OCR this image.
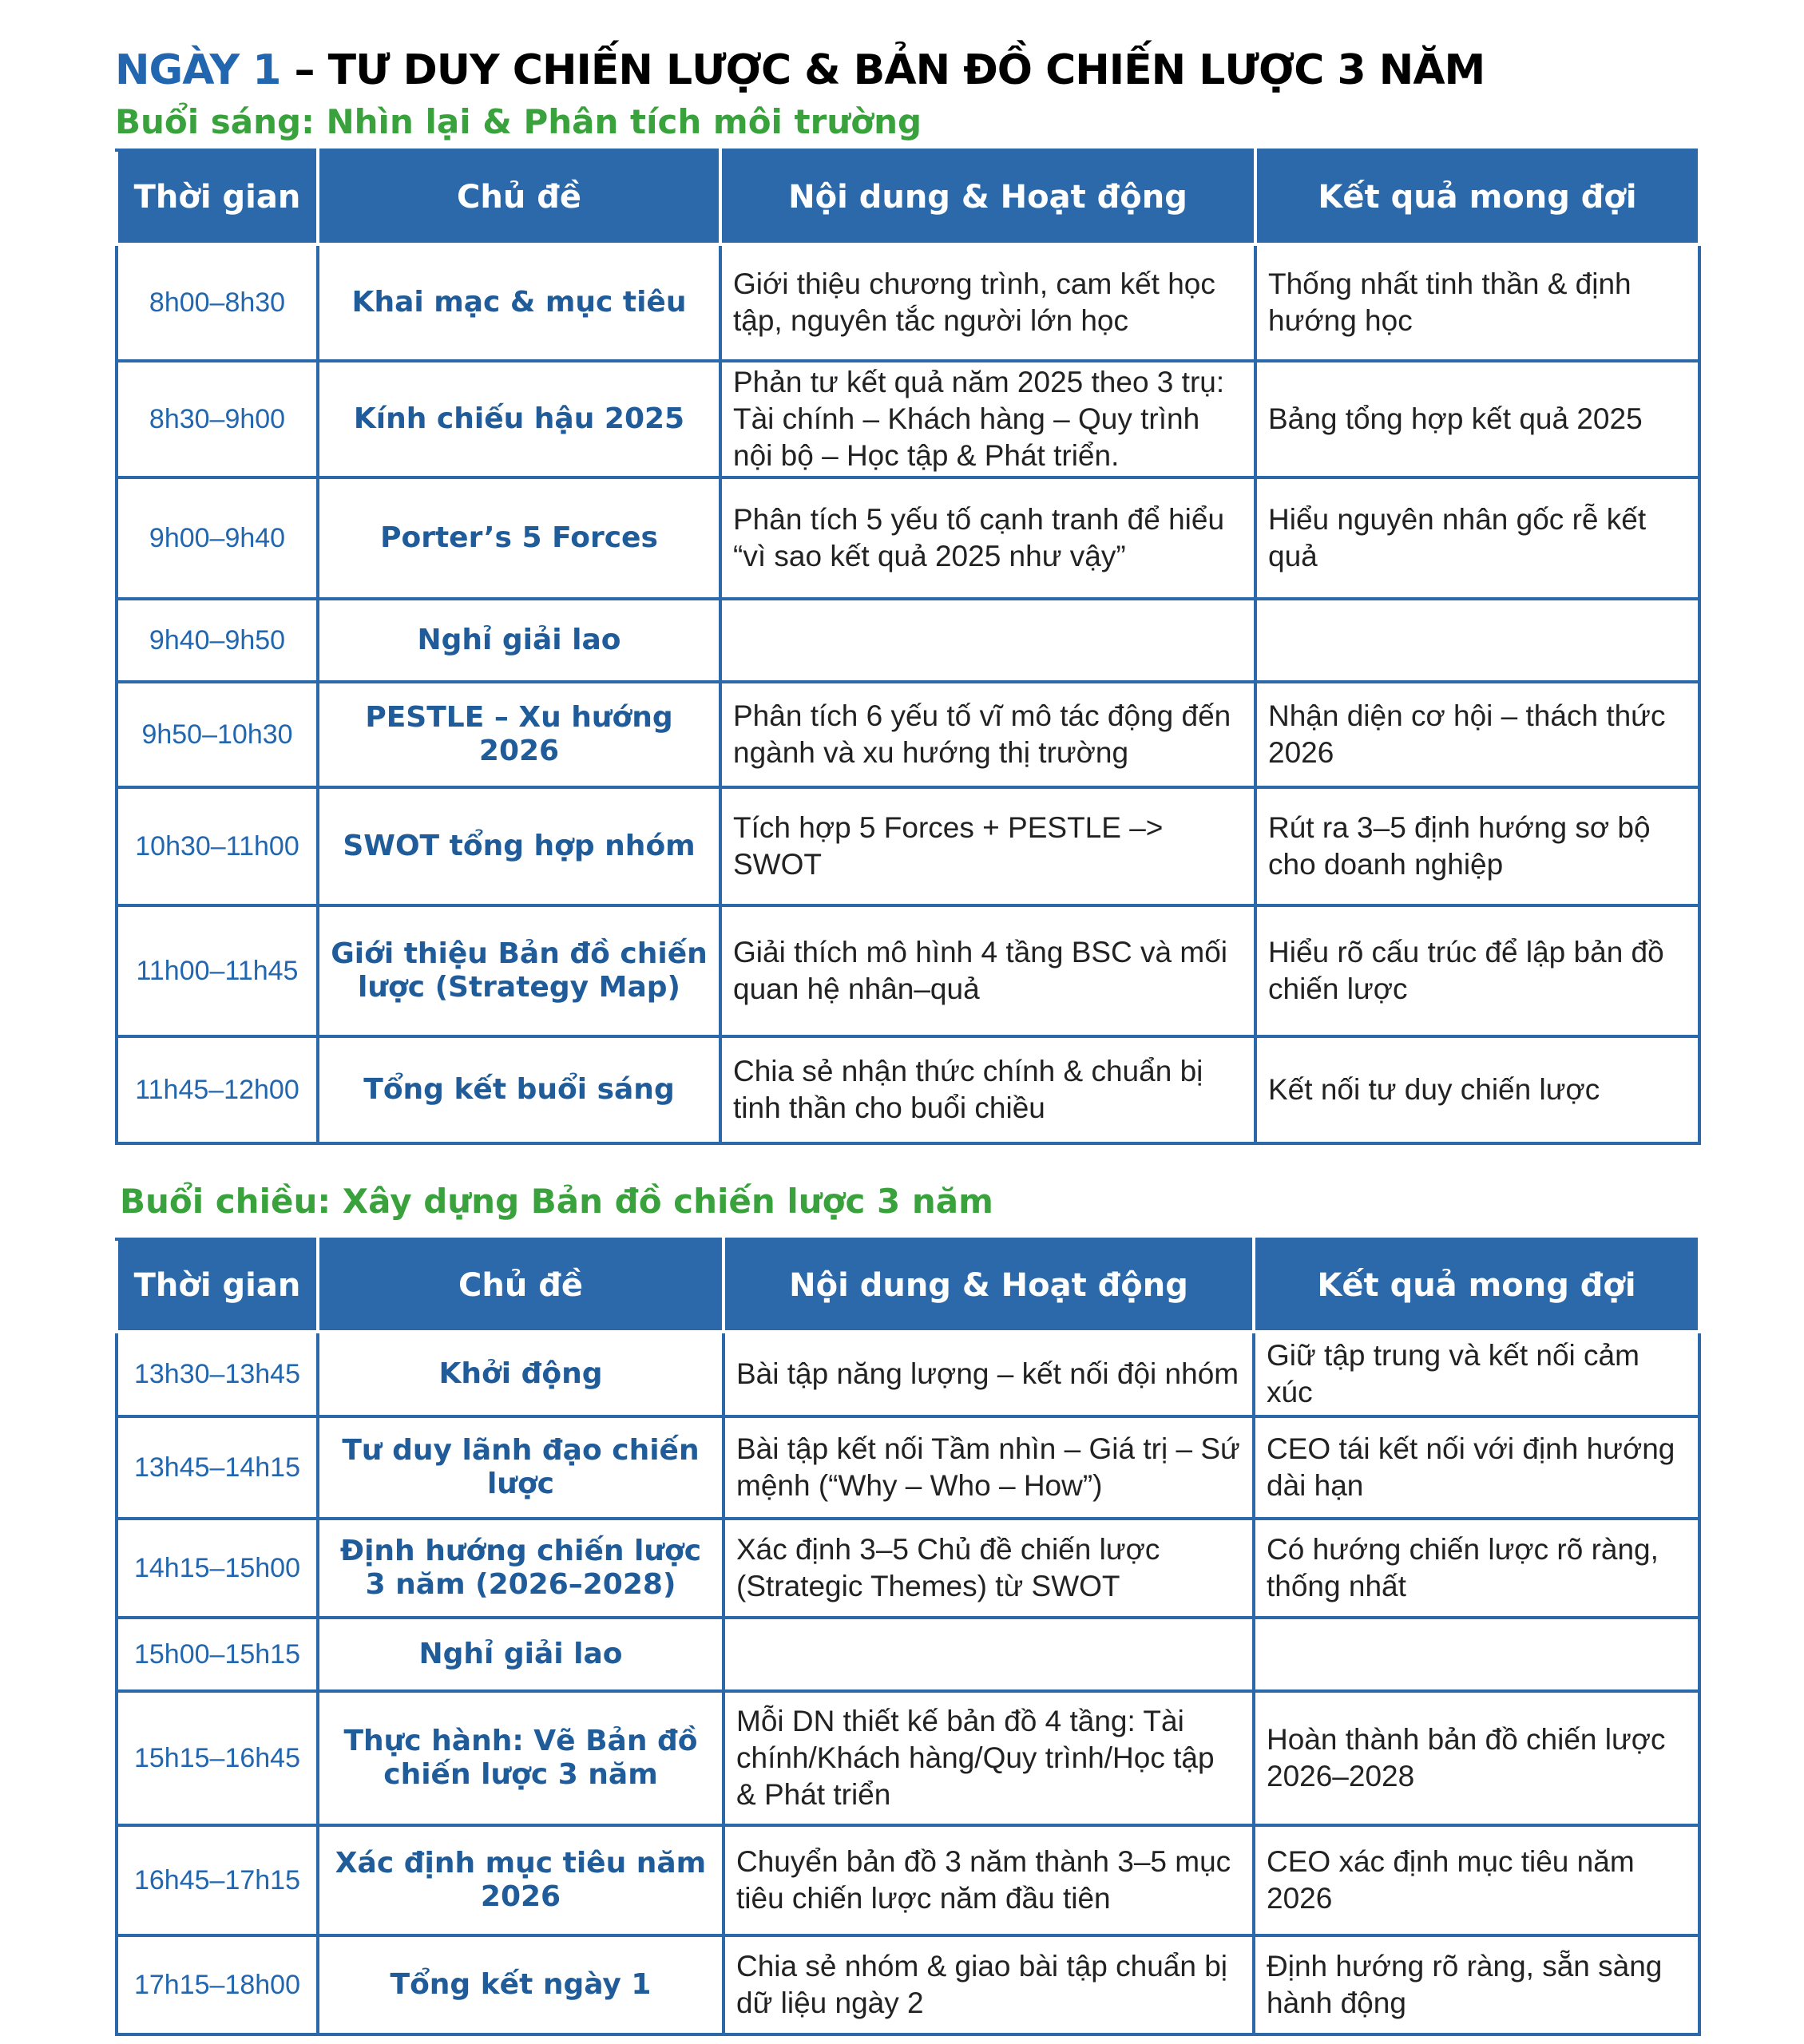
NGÀY 1 – TƯ DUY CHIẾN LƯỢC & BẢN ĐỒ CHIẾN LƯỢC 3 NĂM
Buổi sáng: Nhìn lại & Phân tích môi trường
Thời gian	Chủ đề	Nội dung & Hoạt động	Kết quả mong đợi
8h00–8h30	Khai mạc & mục tiêu	Giới thiệu chương trình, cam kết học tập, nguyên tắc người lớn học	Thống nhất tinh thần & định hướng học
8h30–9h00	Kính chiếu hậu 2025	Phản tư kết quả năm 2025 theo 3 trụ: Tài chính – Khách hàng – Quy trình nội bộ – Học tập & Phát triển.	Bảng tổng hợp kết quả 2025
9h00–9h40	Porter’s 5 Forces	Phân tích 5 yếu tố cạnh tranh để hiểu “vì sao kết quả 2025 như vậy”	Hiểu nguyên nhân gốc rễ kết quả
9h40–9h50	Nghỉ giải lao		
9h50–10h30	PESTLE – Xu hướng 2026	Phân tích 6 yếu tố vĩ mô tác động đến ngành và xu hướng thị trường	Nhận diện cơ hội – thách thức 2026
10h30–11h00	SWOT tổng hợp nhóm	Tích hợp 5 Forces + PESTLE –> SWOT	Rút ra 3–5 định hướng sơ bộ cho doanh nghiệp
11h00–11h45	Giới thiệu Bản đồ chiến lược (Strategy Map)	Giải thích mô hình 4 tầng BSC và mối quan hệ nhân–quả	Hiểu rõ cấu trúc để lập bản đồ chiến lược
11h45–12h00	Tổng kết buổi sáng	Chia sẻ nhận thức chính & chuẩn bị tinh thần cho buổi chiều	Kết nối tư duy chiến lược
Buổi chiều: Xây dựng Bản đồ chiến lược 3 năm
Thời gian	Chủ đề	Nội dung & Hoạt động	Kết quả mong đợi
13h30–13h45	Khởi động	Bài tập năng lượng – kết nối đội nhóm	Giữ tập trung và kết nối cảm xúc
13h45–14h15	Tư duy lãnh đạo chiến lược	Bài tập kết nối Tầm nhìn – Giá trị – Sứ mệnh (“Why – Who – How”)	CEO tái kết nối với định hướng dài hạn
14h15–15h00	Định hướng chiến lược 3 năm (2026–2028)	Xác định 3–5 Chủ đề chiến lược (Strategic Themes) từ SWOT	Có hướng chiến lược rõ ràng, thống nhất
15h00–15h15	Nghỉ giải lao		
15h15–16h45	Thực hành: Vẽ Bản đồ chiến lược 3 năm	Mỗi DN thiết kế bản đồ 4 tầng: Tài chính/Khách hàng/Quy trình/Học tập & Phát triển	Hoàn thành bản đồ chiến lược 2026–2028
16h45–17h15	Xác định mục tiêu năm 2026	Chuyển bản đồ 3 năm thành 3–5 mục tiêu chiến lược năm đầu tiên	CEO xác định mục tiêu năm 2026
17h15–18h00	Tổng kết ngày 1	Chia sẻ nhóm & giao bài tập chuẩn bị dữ liệu ngày 2	Định hướng rõ ràng, sẵn sàng hành động
